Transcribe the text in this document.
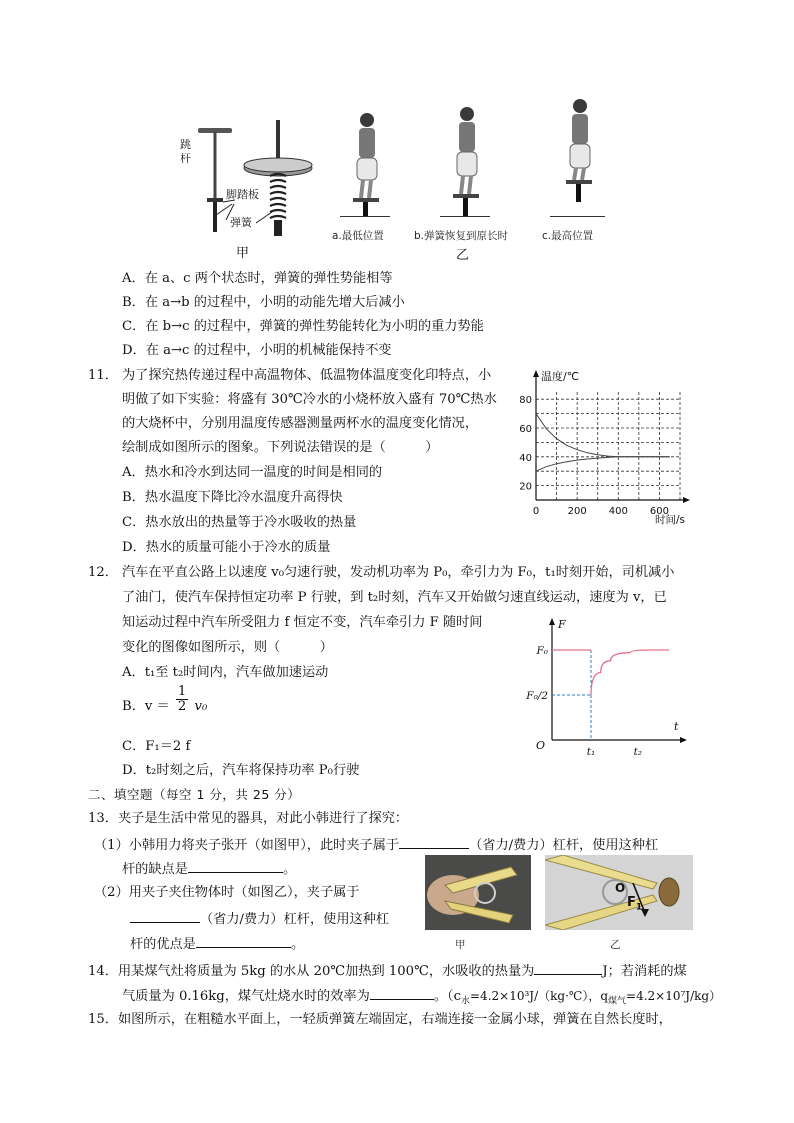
跳
杆
脚踏板
弹簧
甲
a.最低位置	b.弹簧恢复到原长时	c.最高位置
乙
A．在 a、c 两个状态时，弹簧的弹性势能相等
B．在 a→b 的过程中，小明的动能先增大后减小
C．在 b→c 的过程中，弹簧的弹性势能转化为小明的重力势能
D．在 a→c 的过程中，小明的机械能保持不变
11． 为了探究热传递过程中高温物体、低温物体温度变化印特点，小
明做了如下实验：将盛有 30℃冷水的小烧杯放入盛有 70℃热水
的大烧杯中，分别用温度传感器测量两杯水的温度变化情况，
绘制成如图所示的图象。下列说法错误的是（　　　）
A．热水和冷水到达同一温度的时间是相同的
B．热水温度下降比冷水温度升高得快
C．热水放出的热量等于冷水吸收的热量
D．热水的质量可能小于冷水的质量
20
40
60
80
0	200 400 600
温度/℃
时间/s
12． 汽车在平直公路上以速度 v₀匀速行驶，发动机功率为 P₀，牵引力为 F₀，t₁时刻开始，司机减小
了油门，使汽车保持恒定功率 P 行驶，到 t₂时刻，汽车又开始做匀速直线运动，速度为 v，已
知运动过程中汽车所受阻力 f 恒定不变，汽车牵引力 F 随时间
变化的图像如图所示，则（　　　）
A．t₁至 t₂时间内，汽车做加速运动
B．$v = \frac{1}{2} v_0$
C．F₁＝2 f
D．t₂时刻之后，汽车将保持功率 P₀行驶
F₀
F₀/2
t₁	t₂
F
t
O
二、填空题（每空 1 分，共 25 分）
13．夹子是生活中常见的器具，对此小韩进行了探究：
（1）小韩用力将夹子张开（如图甲），此时夹子属于	（省力/费力）杠杆，使用这种杠
杆的缺点是	。
（2）用夹子夹住物体时（如图乙），夹子属于
（省力/费力）杠杆，使用这种杠
杆的优点是	。	甲
O
$F_1$
乙
14．用某煤气灶将质量为 5kg 的水从 20℃加热到 100℃，水吸收的热量为	J；若消耗的煤
气质量为 0.16kg，煤气灶烧水时的效率为	。（$c_水=4.2\times 10^3J/(kg\cdot℃)$，$q_{煤气}=4.2\times 10^7J/kg$）
15．如图所示，在粗糙水平面上，一轻质弹簧左端固定，右端连接一金属小球，弹簧在自然长度时，
